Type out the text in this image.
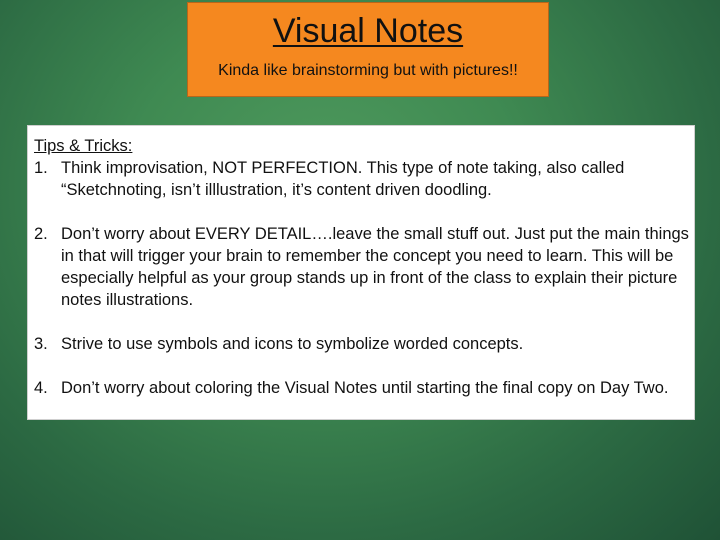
Visual Notes
Kinda like brainstorming but with pictures!!
Tips & Tricks:
1. Think improvisation, NOT PERFECTION. This type of note taking, also called “Sketchnoting, isn’t illlustration, it’s content driven doodling.
2. Don’t worry about EVERY DETAIL….leave the small stuff out. Just put the main things in that will trigger your brain to remember the concept you need to learn. This will be especially helpful as your group stands up in front of the class to explain their picture notes illustrations.
3. Strive to use symbols and icons to symbolize worded concepts.
4. Don’t worry about coloring the Visual Notes until starting the final copy on Day Two.
